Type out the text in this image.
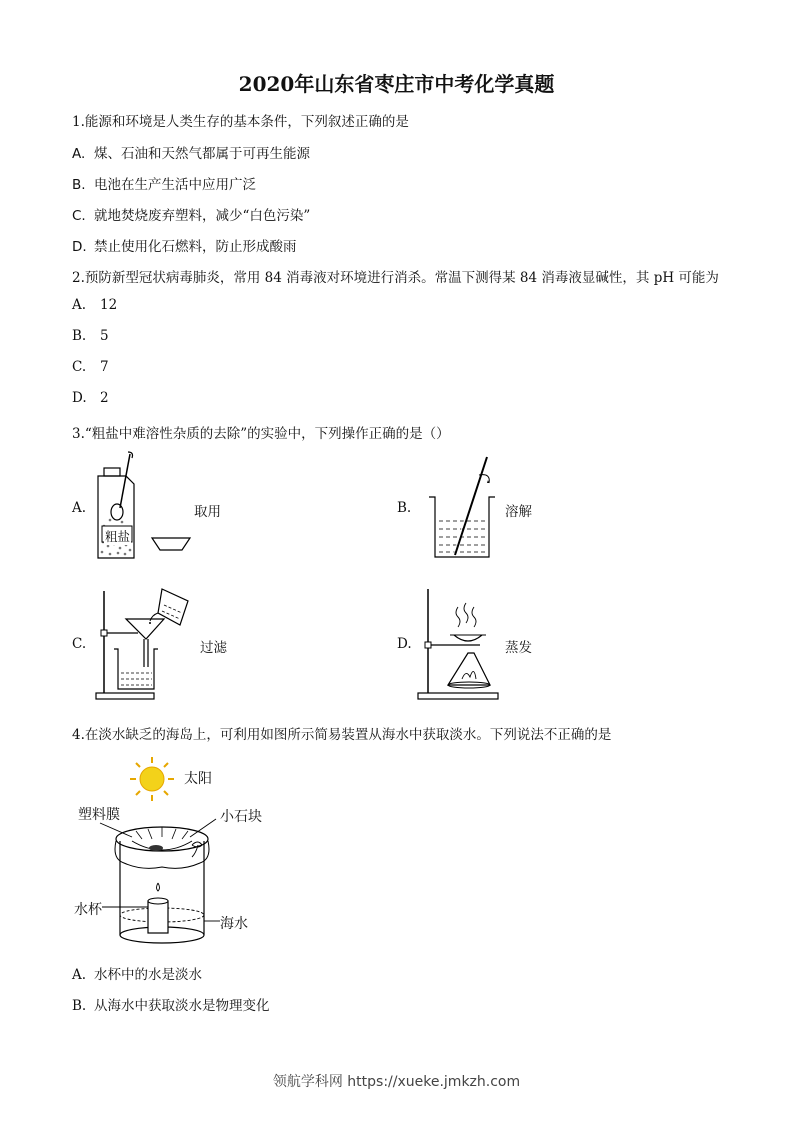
2020年山东省枣庄市中考化学真题
1.能源和环境是人类生存的基本条件，下列叙述正确的是
A. 煤、石油和天然气都属于可再生能源
B. 电池在生产生活中应用广泛
C. 就地焚烧废弃塑料，减少“白色污染”
D. 禁止使用化石燃料，防止形成酸雨
2.预防新型冠状病毒肺炎，常用 84 消毒液对环境进行消杀。常温下测得某 84 消毒液显碱性，其 pH 可能为
A. 12
B. 5
C. 7
D. 2
3.“粗盐中难溶性杂质的去除”的实验中，下列操作正确的是（）
A.
粗盐
取用	B.	溶解
C.	过滤	D.	蒸发
4.在淡水缺乏的海岛上，可利用如图所示简易装置从海水中获取淡水。下列说法不正确的是
太阳
塑料膜	小石块
水杯
海水
A. 水杯中的水是淡水
B. 从海水中获取淡水是物理变化
领航学科网 https://xueke.jmkzh.com
